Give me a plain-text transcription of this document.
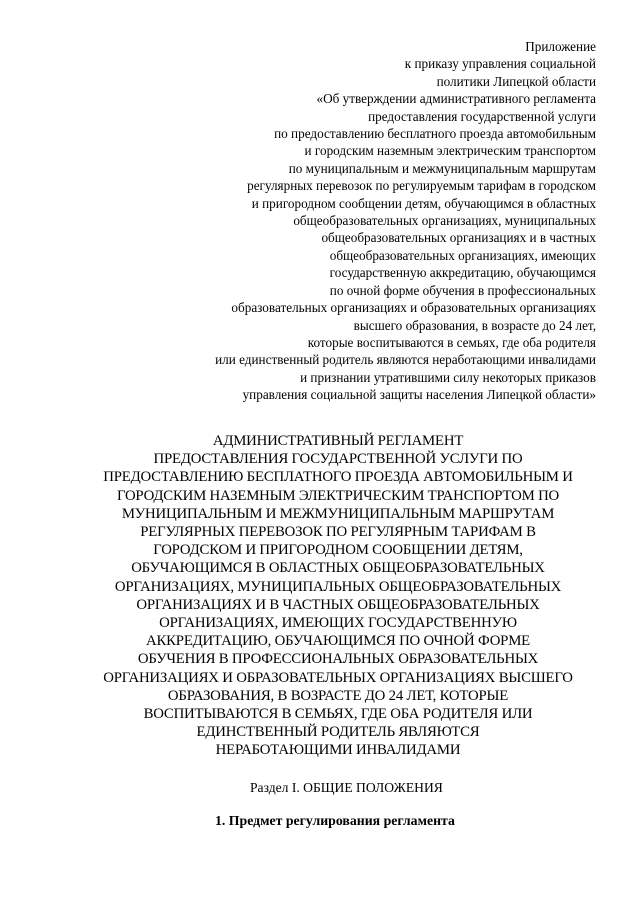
Приложение
к приказу управления социальной
политики Липецкой области
«Об утверждении административного регламента
предоставления государственной услуги
по предоставлению бесплатного проезда автомобильным
и городским наземным электрическим транспортом
по муниципальным и межмуниципальным маршрутам
регулярных перевозок по регулируемым тарифам в городском
и пригородном сообщении детям, обучающимся в областных
общеобразовательных организациях, муниципальных
общеобразовательных организациях и в частных
общеобразовательных организациях, имеющих
государственную аккредитацию, обучающимся
по очной форме обучения в профессиональных
образовательных организациях и образовательных организациях
высшего образования, в возрасте до 24 лет,
которые воспитываются в семьях, где оба родителя
или единственный родитель являются неработающими инвалидами
и признании утратившими силу некоторых приказов
управления социальной защиты населения Липецкой области»
АДМИНИСТРАТИВНЫЙ РЕГЛАМЕНТ
ПРЕДОСТАВЛЕНИЯ ГОСУДАРСТВЕННОЙ УСЛУГИ ПО
ПРЕДОСТАВЛЕНИЮ БЕСПЛАТНОГО ПРОЕЗДА АВТОМОБИЛЬНЫМ И
ГОРОДСКИМ НАЗЕМНЫМ ЭЛЕКТРИЧЕСКИМ ТРАНСПОРТОМ ПО
МУНИЦИПАЛЬНЫМ И МЕЖМУНИЦИПАЛЬНЫМ МАРШРУТАМ
РЕГУЛЯРНЫХ ПЕРЕВОЗОК ПО РЕГУЛЯРНЫМ ТАРИФАМ В
ГОРОДСКОМ И ПРИГОРОДНОМ СООБЩЕНИИ ДЕТЯМ,
ОБУЧАЮЩИМСЯ В ОБЛАСТНЫХ ОБЩЕОБРАЗОВАТЕЛЬНЫХ
ОРГАНИЗАЦИЯХ, МУНИЦИПАЛЬНЫХ ОБЩЕОБРАЗОВАТЕЛЬНЫХ
ОРГАНИЗАЦИЯХ И В ЧАСТНЫХ ОБЩЕОБРАЗОВАТЕЛЬНЫХ
ОРГАНИЗАЦИЯХ, ИМЕЮЩИХ ГОСУДАРСТВЕННУЮ
АККРЕДИТАЦИЮ, ОБУЧАЮЩИМСЯ ПО ОЧНОЙ ФОРМЕ
ОБУЧЕНИЯ В ПРОФЕССИОНАЛЬНЫХ ОБРАЗОВАТЕЛЬНЫХ
ОРГАНИЗАЦИЯХ И ОБРАЗОВАТЕЛЬНЫХ ОРГАНИЗАЦИЯХ ВЫСШЕГО
ОБРАЗОВАНИЯ, В ВОЗРАСТЕ ДО 24 ЛЕТ, КОТОРЫЕ
ВОСПИТЫВАЮТСЯ В СЕМЬЯХ, ГДЕ ОБА РОДИТЕЛЯ ИЛИ
ЕДИНСТВЕННЫЙ РОДИТЕЛЬ ЯВЛЯЮТСЯ
НЕРАБОТАЮЩИМИ ИНВАЛИДАМИ
Раздел I. ОБЩИЕ ПОЛОЖЕНИЯ
1. Предмет регулирования регламента
